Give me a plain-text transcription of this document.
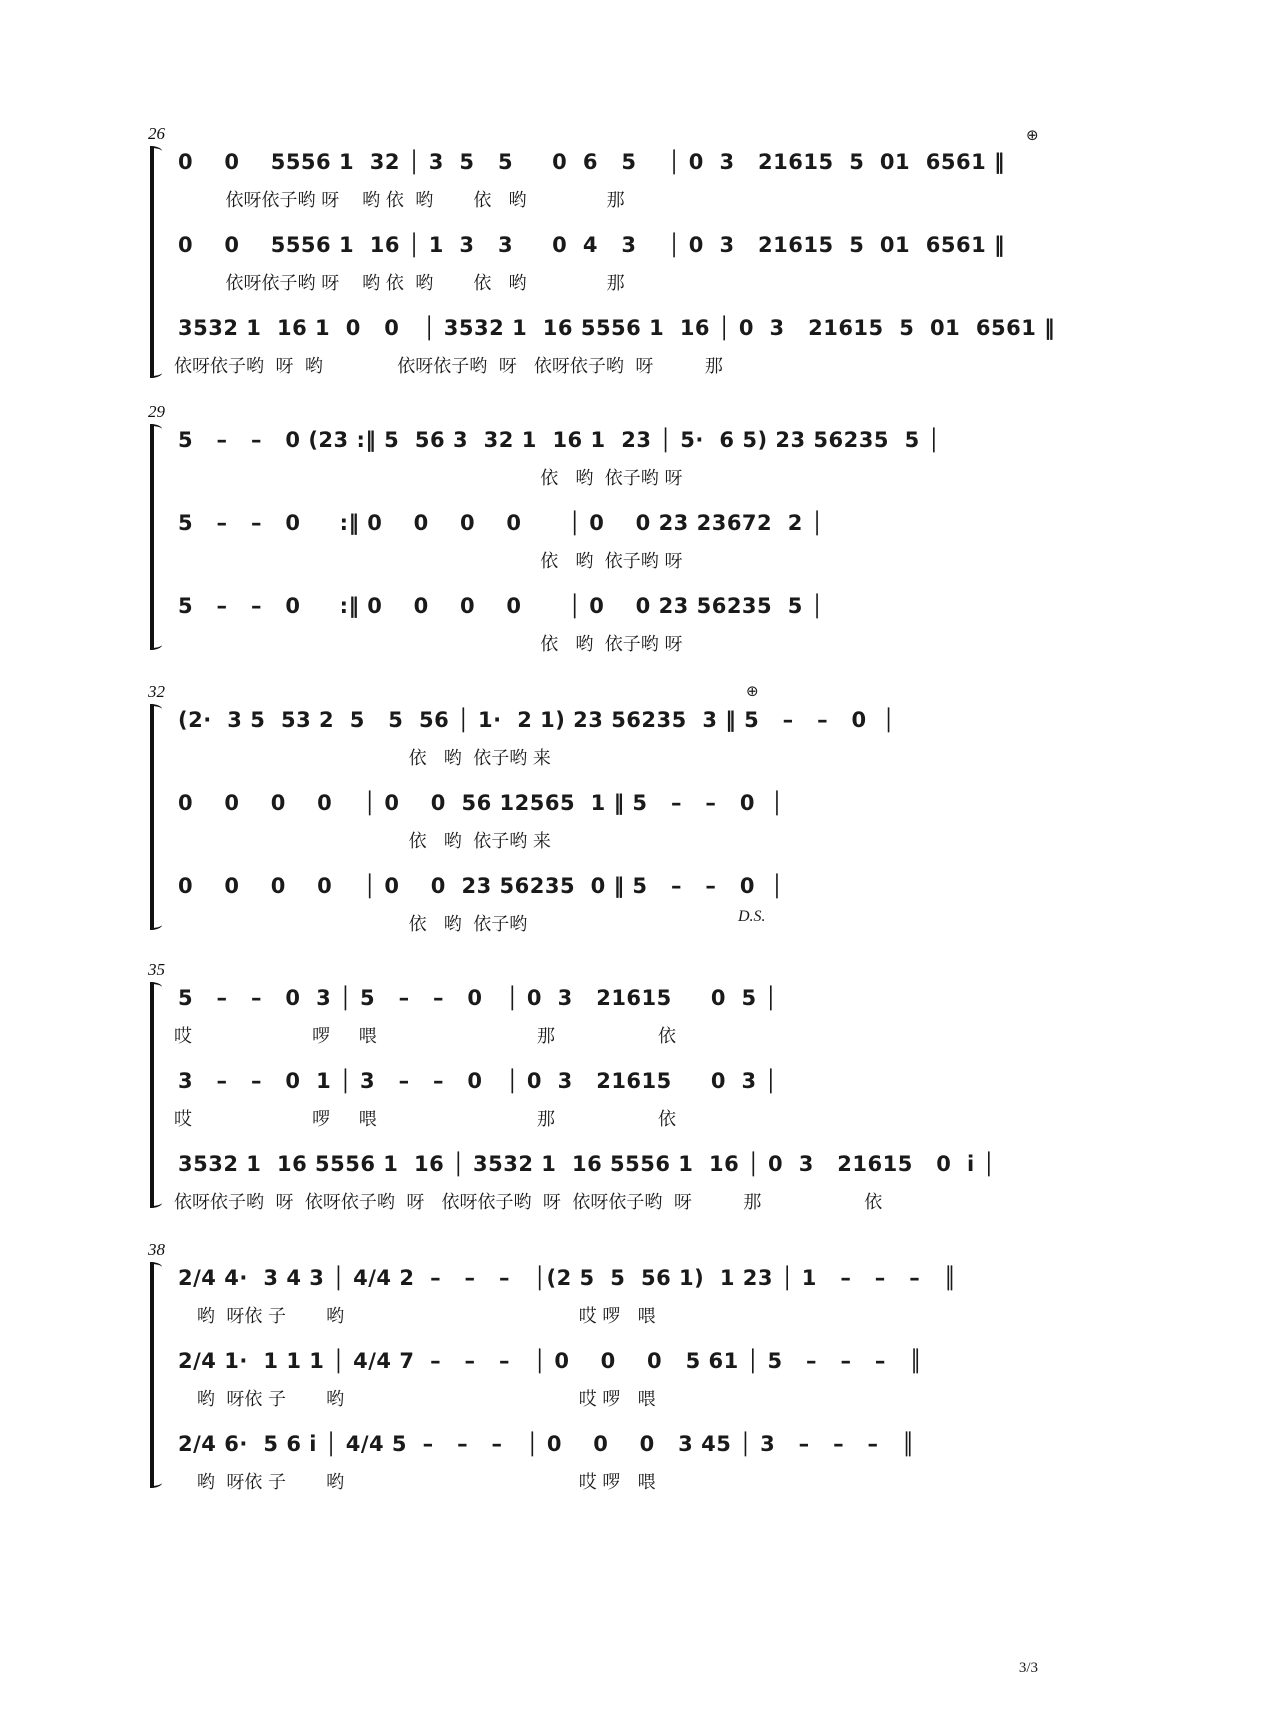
26
0    0    5556 1  32 │ 3  5   5     0  6   5    │ 0  3   21615  5  01  6561 ‖
依呀依子哟 呀    哟 依  哟       依   哟              那
0    0    5556 1  16 │ 1  3   3     0  4   3    │ 0  3   21615  5  01  6561 ‖
依呀依子哟 呀    哟 依  哟       依   哟              那
3532 1  16 1  0   0   │ 3532 1  16 5556 1  16 │ 0  3   21615  5  01  6561 ‖
依呀依子哟  呀  哟             依呀依子哟  呀   依呀依子哟  呀         那
⊕
29
5   –   –   0 (23 :‖ 5  56 3  32 1  16 1  23 │ 5·  6 5) 23 56235  5 │
依   哟  依子哟 呀
5   –   –   0     :‖ 0    0    0    0      │ 0    0 23 23672  2 │
依   哟  依子哟 呀
5   –   –   0     :‖ 0    0    0    0      │ 0    0 23 56235  5 │
依   哟  依子哟 呀
32
(2·  3 5  53 2  5   5  56 │ 1·  2 1) 23 56235  3 ‖ 5   –   –   0  │
依   哟  依子哟 来
0    0    0    0    │ 0    0  56 12565  1 ‖ 5   –   –   0  │
依   哟  依子哟 来
0    0    0    0    │ 0    0  23 56235  0 ‖ 5   –   –   0  │
依   哟  依子哟	D.S.
⊕
35
5   –   –   0  3 │ 5   –   –   0   │ 0  3   21615     0  5 │
哎                     啰     喂                            那                  依
3   –   –   0  1 │ 3   –   –   0   │ 0  3   21615     0  3 │
哎                     啰     喂                            那                  依
3532 1  16 5556 1  16 │ 3532 1  16 5556 1  16 │ 0  3   21615   0  i │
依呀依子哟  呀  依呀依子哟  呀   依呀依子哟  呀  依呀依子哟  呀         那                  依
38
2/4 4·  3 4 3 │ 4/4 2  –   –   –   │(2 5  5  56 1)  1 23 │ 1   –   –   –   ║
哟  呀依 子       哟                                         哎 啰   喂
2/4 1·  1 1 1 │ 4/4 7  –   –   –   │ 0    0    0   5 61 │ 5   –   –   –   ║
哟  呀依 子       哟                                         哎 啰   喂
2/4 6·  5 6 i │ 4/4 5  –   –   –   │ 0    0    0   3 45 │ 3   –   –   –   ║
哟  呀依 子       哟                                         哎 啰   喂
3/3
